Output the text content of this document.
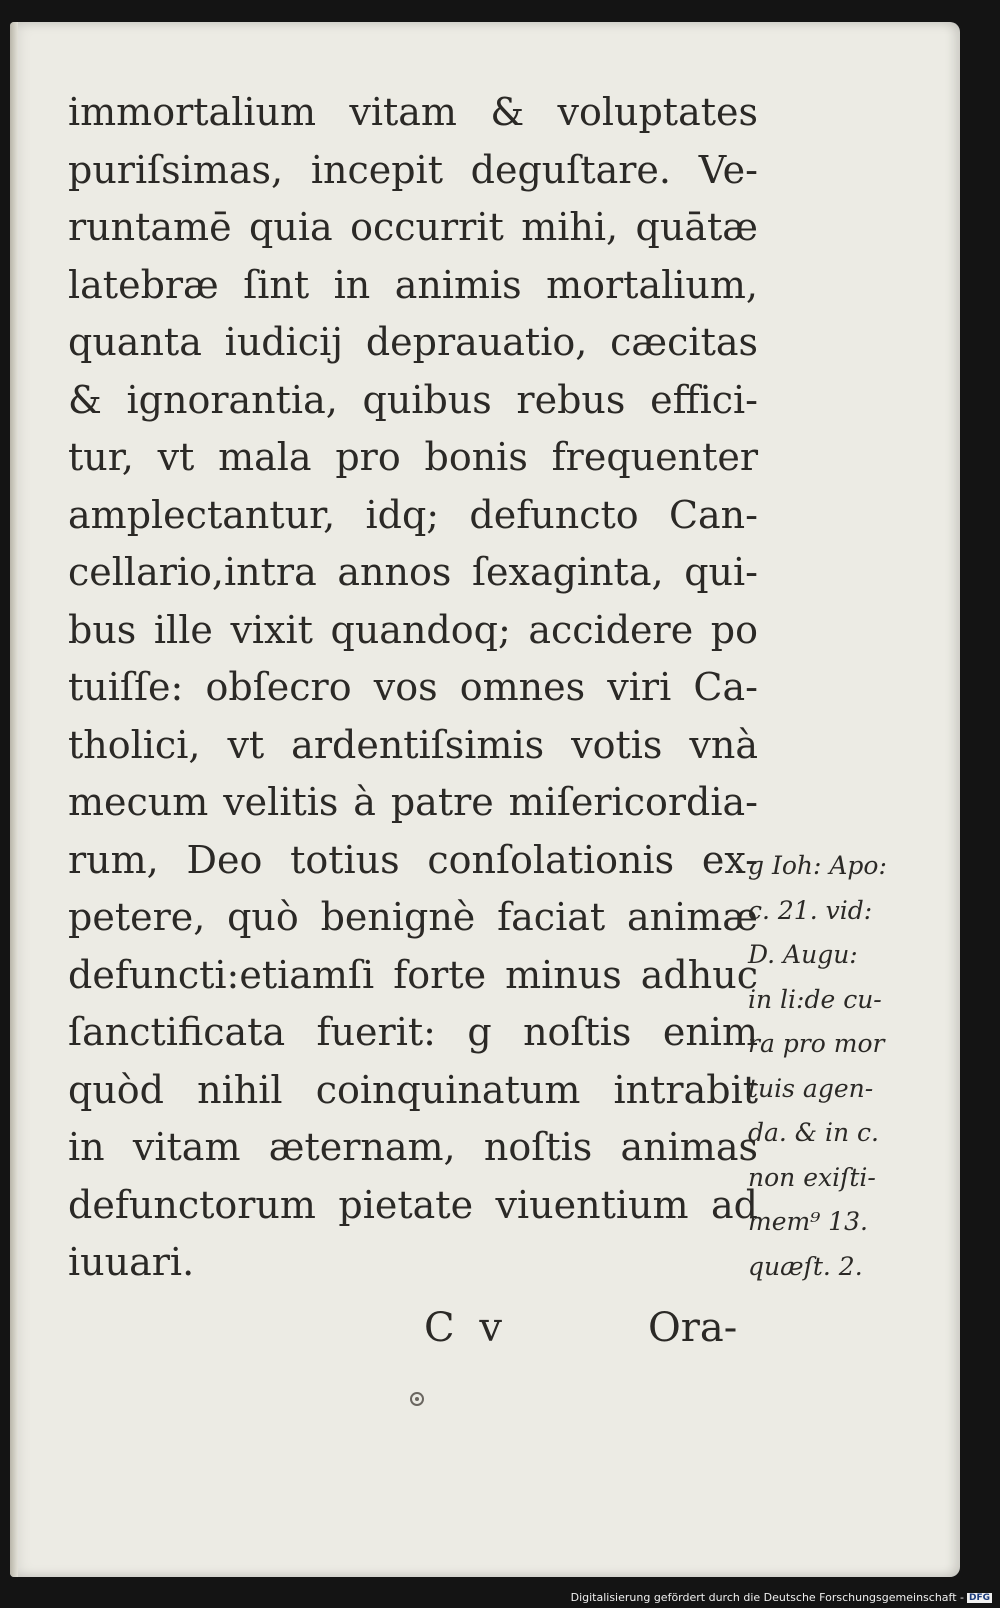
immortalium vitam & voluptates
puriſsimas, incepit deguſtare. Ve-
runtamē quia occurrit mihi, quātæ
latebræ ſint in animis mortalium,
quanta iudicij deprauatio, cæcitas
& ignorantia, quibus rebus effici-
tur, vt mala pro bonis frequenter
amplectantur, idq; defuncto Can-
cellario,intra annos ſexaginta, qui-
bus ille vixit quandoq; accidere po
tuiſſe: obſecro vos omnes viri Ca-
tholici, vt ardentiſsimis votis vnà
mecum velitis à patre miſericordia-
rum, Deo totius conſolationis ex-
petere, quò benignè faciat animæ
defuncti:etiamſi forte minus adhuc
ſanctificata fuerit: g noſtis enim
quòd nihil coinquinatum intrabit
in vitam æternam, noſtis animas
defunctorum pietate viuentium ad
iuuari.
g Ioh: Apo:
c. 21. vid:
D. Augu:
in li:de cu-
ra pro mor
tuis agen-
da. & in c.
non exiſti-
mem⁹ 13.
quæſt. 2.
C v	Ora-
Digitalisierung gefördert durch die Deutsche Forschungsgemeinschaft - DFG
